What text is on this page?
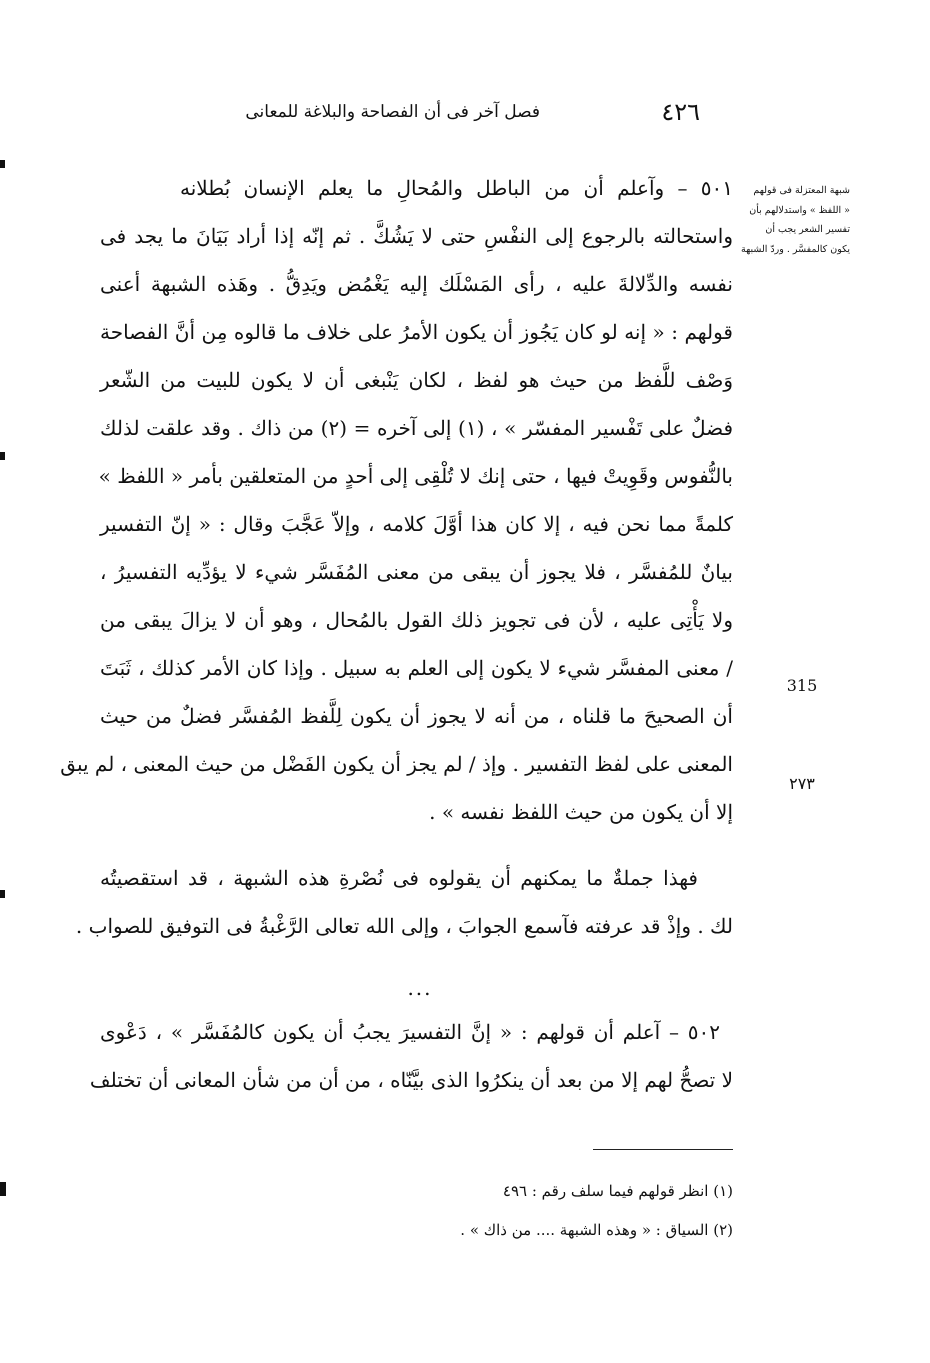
٤٢٦
فصل آخر فى أن الفصاحة والبلاغة للمعانى
شبهة المعتزلة فى قولهم
« اللفظ » واستدلالهم بأن
تفسير الشعر يجب أن
يكون كالمفسَّر . وردّ الشبهة
315
٢٧٣
٥٠١ – وآعلم أن من الباطل والمُحالِ ما يعلم الإنسان بُطلانه
واستحالته بالرجوع إلى النفْسِ حتى لا يَشُكَّ . ثم إنّه إذا أراد بَيَانَ ما يجد فى
نفسه والدِّلالةَ عليه ، رأى المَسْلَك إليه يَغْمُض ويَدِقُّ . وهَذه الشبهة أعنى
قولهم : « إنه لو كان يَجُوز أن يكون الأمرُ على خلاف ما قالوه مِن أنَّ الفصاحة
وَصْف للَّفظ من حيث هو لفظ ، لكان يَنْبغى أن لا يكون للبيت من الشّعر
فضلٌ على تَفْسير المفسّر » ، (١) إلى آخره = (٢) من ذاك . وقد علقت لذلك
بالنُّفوس وقَوِيتْ فيها ، حتى إنك لا تُلْقِى إلى أحدٍ من المتعلقين بأمر « اللفظ »
كلمةً مما نحن فيه ، إلا كان هذا أوَّلَ كلامه ، وإلاّ عَجَّبَ وقال : « إنّ التفسير
بيانٌ للمُفسَّر ، فلا يجوز أن يبقى من معنى المُفَسَّر شيء لا يؤدِّيه التفسيرُ ،
ولا يَأْتِى عليه ، لأن فى تجويز ذلك القول بالمُحال ، وهو أن لا يزالَ يبقى من
/ معنى المفسَّر شيء لا يكون إلى العلم به سبيل . وإذا كان الأمر كذلك ، ثَبَتَ
أن الصحيحَ ما قلناه ، من أنه لا يجوز أن يكون لِلَّفظ المُفسَّر فضلٌ من حيث
المعنى على لفظ التفسير . وإذ / لم يجز أن يكون الفَضْل من حيث المعنى ، لم يبق
إلا أن يكون من حيث اللفظ نفسه » .
فهذا جملةٌ ما يمكنهم أن يقولوه فى نُصْرةِ هذه الشبهة ، قد استقصيتُه
لك . وإذْ قد عرفته فآسمع الجوابَ ، وإلى الله تعالى الرَّغْبةُ فى التوفيق للصواب .
...
٥٠٢ – آعلم أن قولهم : « إنَّ التفسيرَ يجبُ أن يكون كالمُفَسَّر » ، دَعْوى
لا تصحُّ لهم إلا من بعد أن ينكرُوا الذى بيَّنّاه ، من أن من شأن المعانى أن تختلف
(١) انظر قولهم فيما سلف رقم : ٤٩٦
(٢) السياق : « وهذه الشبهة .... من ذاك » .
